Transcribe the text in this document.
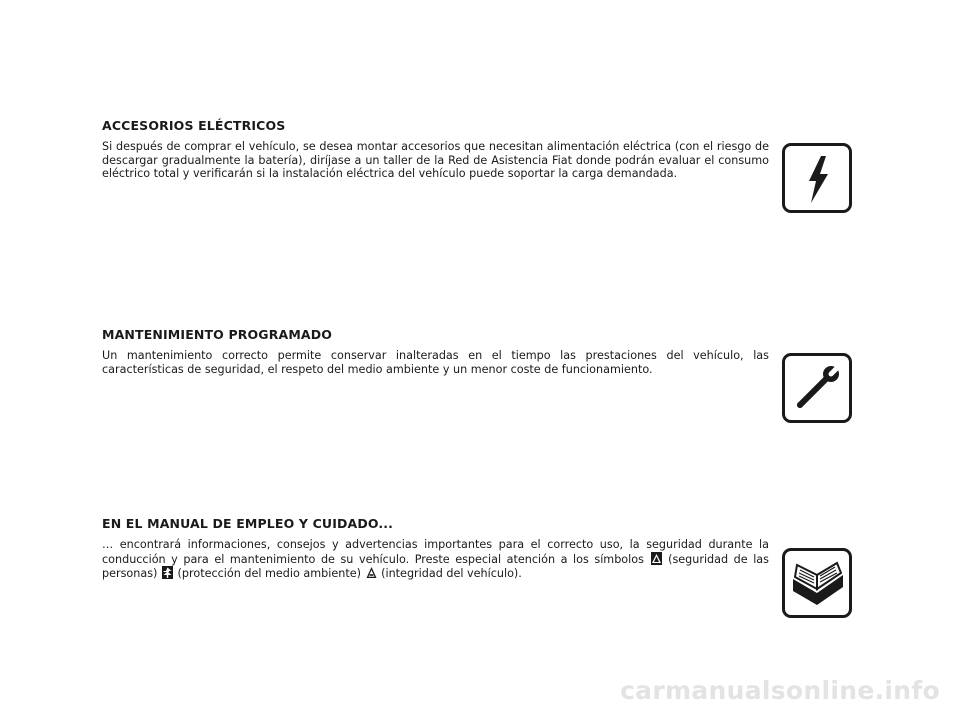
ACCESORIOS ELÉCTRICOS

Si después de comprar el vehículo, se desea montar accesorios que necesitan alimentación eléctrica (con el riesgo de descargar gradualmente la batería), diríjase a un taller de la Red de Asistencia Fiat donde podrán evaluar el consumo eléctrico total y verificarán si la instalación eléctrica del vehículo puede soportar la carga demandada.

MANTENIMIENTO PROGRAMADO

Un mantenimiento correcto permite conservar inalteradas en el tiempo las prestaciones del vehículo, las características de seguridad, el respeto del medio ambiente y un menor coste de funcionamiento.

EN EL MANUAL DE EMPLEO Y CUIDADO...

… encontrará informaciones, consejos y advertencias importantes para el correcto uso, la seguridad durante la conducción y para el mantenimiento de su vehículo. Preste especial atención a los símbolos (seguridad de las personas) (protección del medio ambiente) (integridad del vehículo).

carmanualsonline.info
